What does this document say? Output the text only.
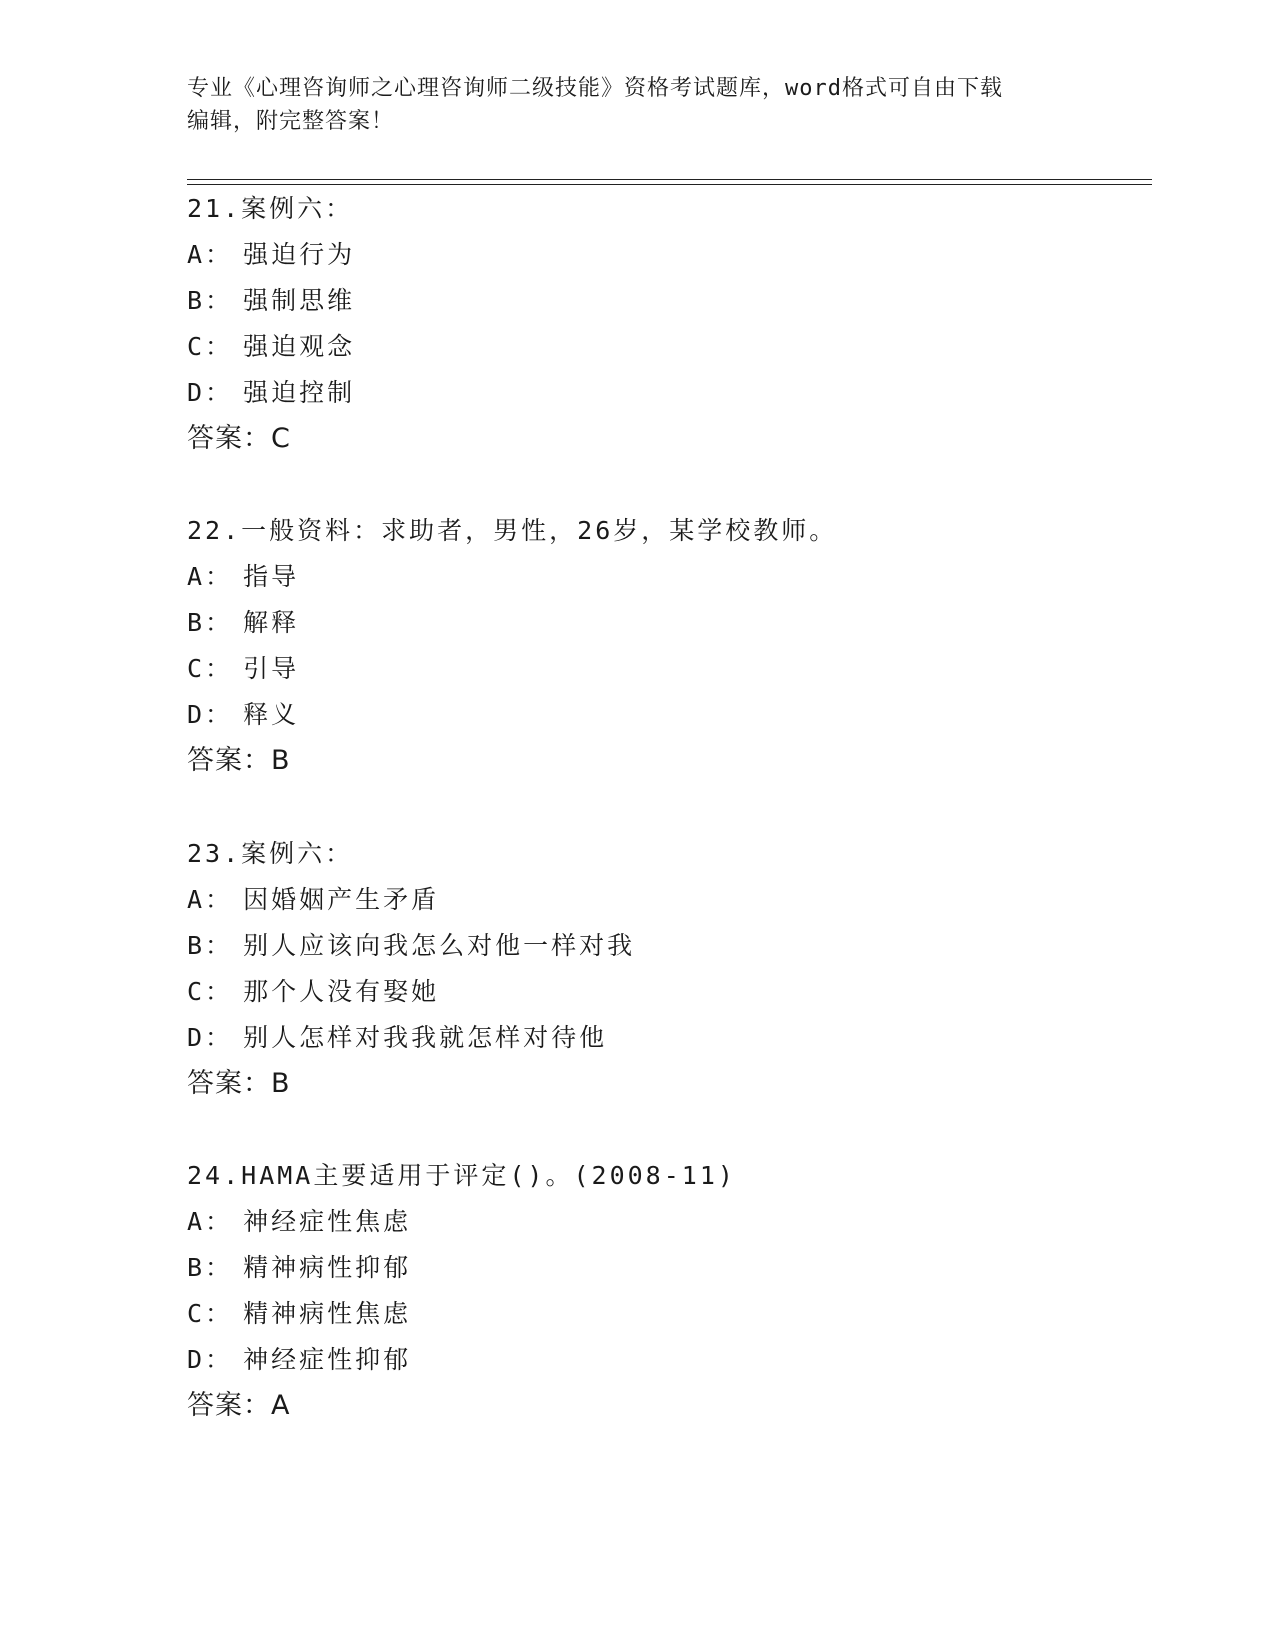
专业《心理咨询师之心理咨询师二级技能》资格考试题库，word格式可自由下载
编辑，附完整答案！
21.案例六：
A： 强迫行为
B： 强制思维
C： 强迫观念
D： 强迫控制
答案：C
22.一般资料：求助者，男性，26岁，某学校教师。
A： 指导
B： 解释
C： 引导
D： 释义
答案：B
23.案例六：
A： 因婚姻产生矛盾
B： 别人应该向我怎么对他一样对我
C： 那个人没有娶她
D： 别人怎样对我我就怎样对待他
答案：B
24.HAMA主要适用于评定()。(2008-11)
A： 神经症性焦虑
B： 精神病性抑郁
C： 精神病性焦虑
D： 神经症性抑郁
答案：A
